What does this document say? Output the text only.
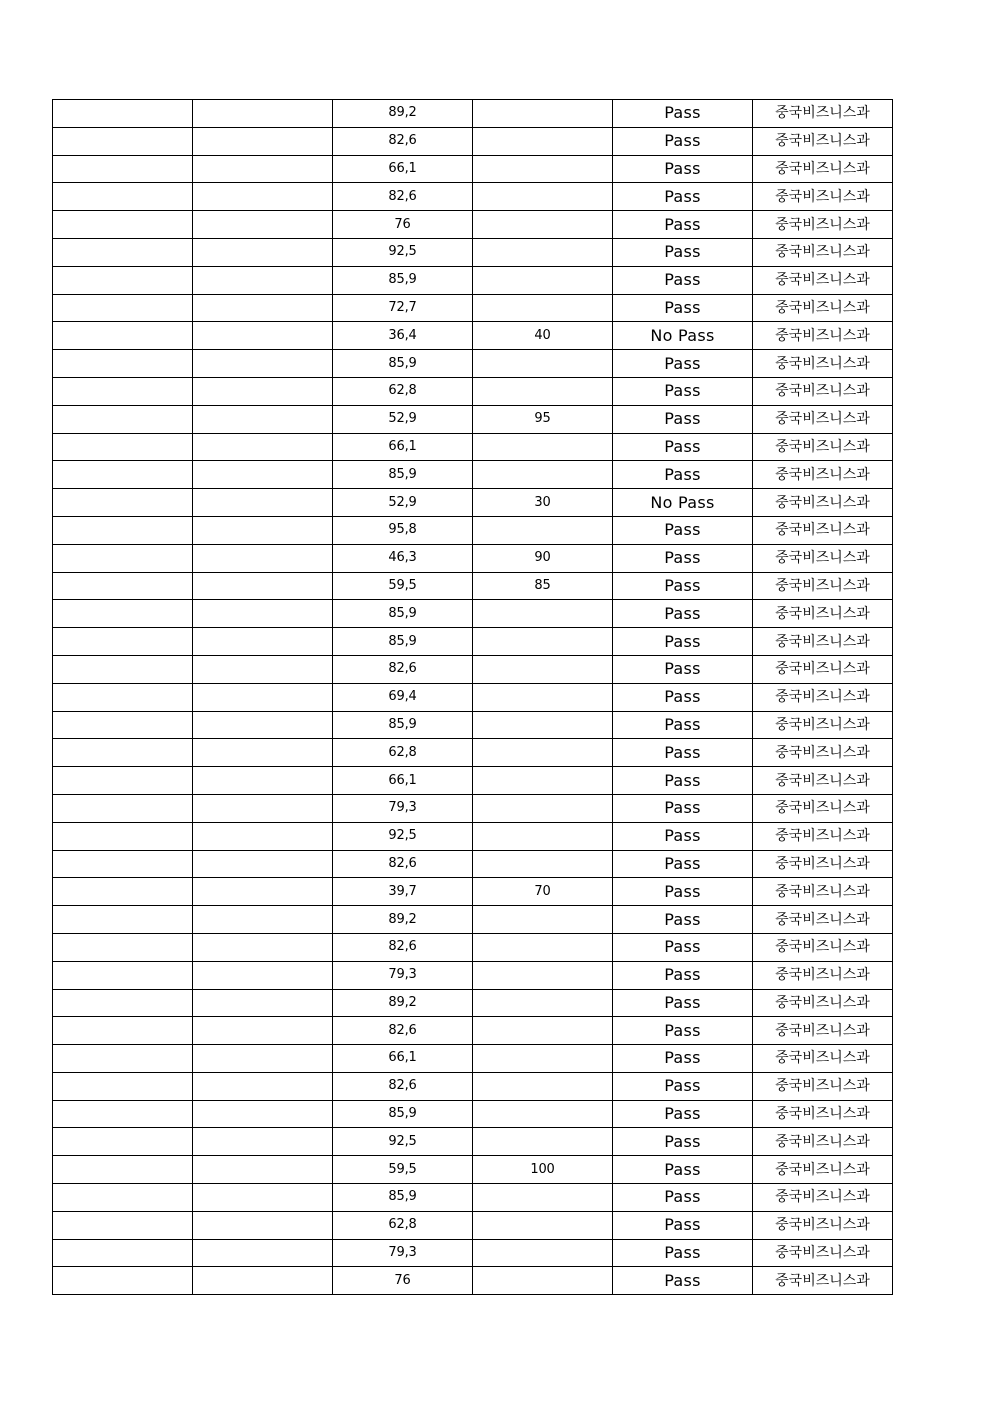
		89,2		Pass	중국비즈니스과
		82,6		Pass	중국비즈니스과
		66,1		Pass	중국비즈니스과
		82,6		Pass	중국비즈니스과
		76		Pass	중국비즈니스과
		92,5		Pass	중국비즈니스과
		85,9		Pass	중국비즈니스과
		72,7		Pass	중국비즈니스과
		36,4	40	No Pass	중국비즈니스과
		85,9		Pass	중국비즈니스과
		62,8		Pass	중국비즈니스과
		52,9	95	Pass	중국비즈니스과
		66,1		Pass	중국비즈니스과
		85,9		Pass	중국비즈니스과
		52,9	30	No Pass	중국비즈니스과
		95,8		Pass	중국비즈니스과
		46,3	90	Pass	중국비즈니스과
		59,5	85	Pass	중국비즈니스과
		85,9		Pass	중국비즈니스과
		85,9		Pass	중국비즈니스과
		82,6		Pass	중국비즈니스과
		69,4		Pass	중국비즈니스과
		85,9		Pass	중국비즈니스과
		62,8		Pass	중국비즈니스과
		66,1		Pass	중국비즈니스과
		79,3		Pass	중국비즈니스과
		92,5		Pass	중국비즈니스과
		82,6		Pass	중국비즈니스과
		39,7	70	Pass	중국비즈니스과
		89,2		Pass	중국비즈니스과
		82,6		Pass	중국비즈니스과
		79,3		Pass	중국비즈니스과
		89,2		Pass	중국비즈니스과
		82,6		Pass	중국비즈니스과
		66,1		Pass	중국비즈니스과
		82,6		Pass	중국비즈니스과
		85,9		Pass	중국비즈니스과
		92,5		Pass	중국비즈니스과
		59,5	100	Pass	중국비즈니스과
		85,9		Pass	중국비즈니스과
		62,8		Pass	중국비즈니스과
		79,3		Pass	중국비즈니스과
		76		Pass	중국비즈니스과
